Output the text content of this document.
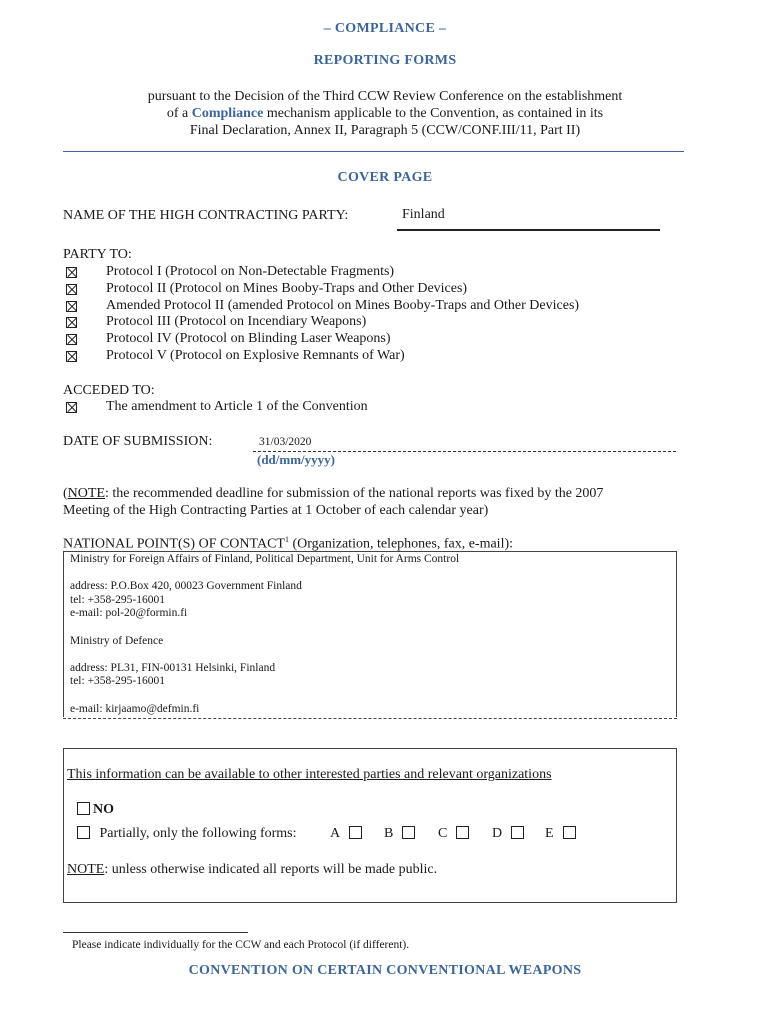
– COMPLIANCE –
REPORTING FORMS
pursuant to the Decision of the Third CCW Review Conference on the establishment
of a Compliance mechanism applicable to the Convention, as contained in its
Final Declaration, Annex II, Paragraph 5 (CCW/CONF.III/11, Part II)
COVER PAGE
NAME OF THE HIGH CONTRACTING PARTY:	Finland
PARTY TO:
Protocol I (Protocol on Non-Detectable Fragments)
Protocol II (Protocol on Mines Booby-Traps and Other Devices)
Amended Protocol II (amended Protocol on Mines Booby-Traps and Other Devices)
Protocol III (Protocol on Incendiary Weapons)
Protocol IV (Protocol on Blinding Laser Weapons)
Protocol V (Protocol on Explosive Remnants of War)
ACCEDED TO:
The amendment to Article 1 of the Convention
DATE OF SUBMISSION:	31/03/2020
(dd/mm/yyyy)
(NOTE: the recommended deadline for submission of the national reports was fixed by the 2007
Meeting of the High Contracting Parties at 1 October of each calendar year)
NATIONAL POINT(S) OF CONTACT$^1$ (Organization, telephones, fax, e-mail):
Ministry for Foreign Affairs of Finland, Political Department, Unit for Arms Control
address: P.O.Box 420, 00023 Government Finland
tel: +358-295-16001
e-mail: pol-20@formin.fi
Ministry of Defence
address: PL31, FIN-00131 Helsinki, Finland
tel: +358-295-16001
e-mail: kirjaamo@defmin.fi
This information can be available to other interested parties and relevant organizations
NO
Partially, only the following forms: A	B	C	D	E
NOTE: unless otherwise indicated all reports will be made public.
Please indicate individually for the CCW and each Protocol (if different).
CONVENTION ON CERTAIN CONVENTIONAL WEAPONS
